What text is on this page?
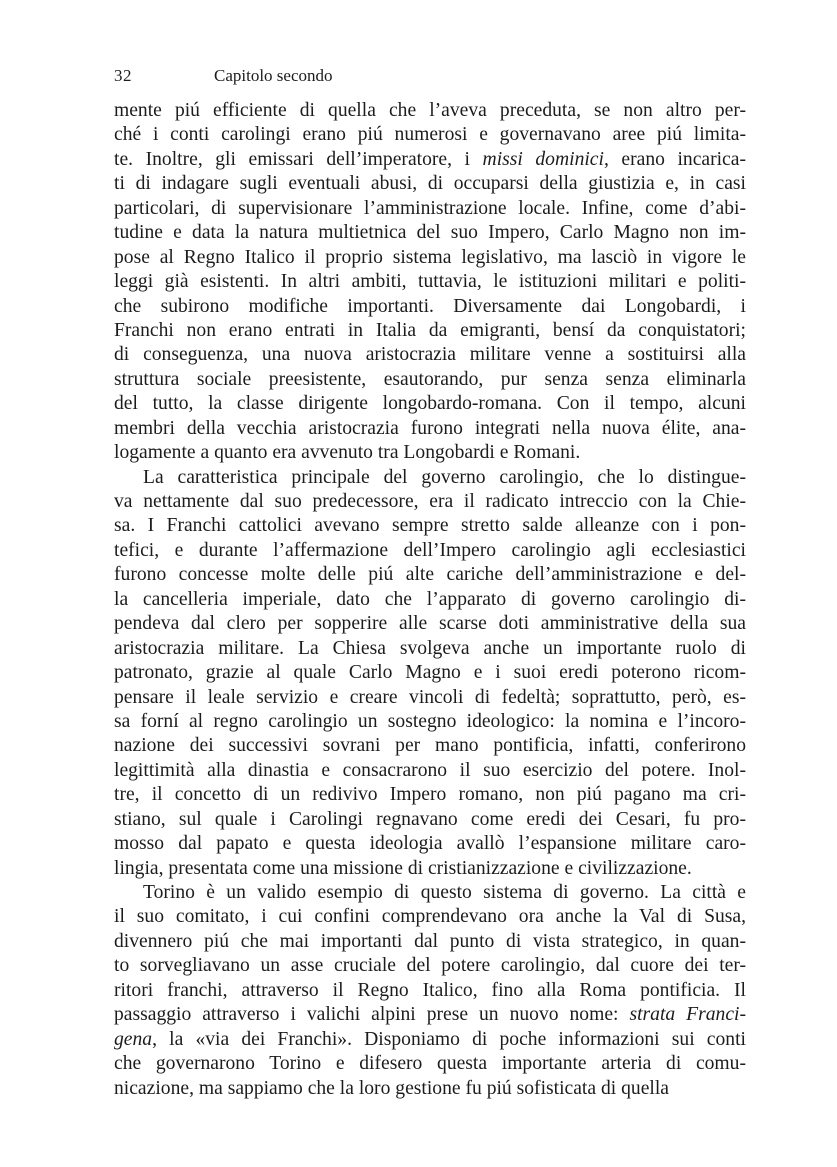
32	Capitolo secondo
mente piú efficiente di quella che l’aveva preceduta, se non altro per-
ché i conti carolingi erano piú numerosi e governavano aree piú limita-
te. Inoltre, gli emissari dell’imperatore, i missi dominici, erano incarica-
ti di indagare sugli eventuali abusi, di occuparsi della giustizia e, in casi
particolari, di supervisionare l’amministrazione locale. Infine, come d’abi-
tudine e data la natura multietnica del suo Impero, Carlo Magno non im-
pose al Regno Italico il proprio sistema legislativo, ma lasciò in vigore le
leggi già esistenti. In altri ambiti, tuttavia, le istituzioni militari e politi-
che subirono modifiche importanti. Diversamente dai Longobardi, i
Franchi non erano entrati in Italia da emigranti, bensí da conquistatori;
di conseguenza, una nuova aristocrazia militare venne a sostituirsi alla
struttura sociale preesistente, esautorando, pur senza senza eliminarla
del tutto, la classe dirigente longobardo-romana. Con il tempo, alcuni
membri della vecchia aristocrazia furono integrati nella nuova élite, ana-
logamente a quanto era avvenuto tra Longobardi e Romani.
La caratteristica principale del governo carolingio, che lo distingue-
va nettamente dal suo predecessore, era il radicato intreccio con la Chie-
sa. I Franchi cattolici avevano sempre stretto salde alleanze con i pon-
tefici, e durante l’affermazione dell’Impero carolingio agli ecclesiastici
furono concesse molte delle piú alte cariche dell’amministrazione e del-
la cancelleria imperiale, dato che l’apparato di governo carolingio di-
pendeva dal clero per sopperire alle scarse doti amministrative della sua
aristocrazia militare. La Chiesa svolgeva anche un importante ruolo di
patronato, grazie al quale Carlo Magno e i suoi eredi poterono ricom-
pensare il leale servizio e creare vincoli di fedeltà; soprattutto, però, es-
sa forní al regno carolingio un sostegno ideologico: la nomina e l’incoro-
nazione dei successivi sovrani per mano pontificia, infatti, conferirono
legittimità alla dinastia e consacrarono il suo esercizio del potere. Inol-
tre, il concetto di un redivivo Impero romano, non piú pagano ma cri-
stiano, sul quale i Carolingi regnavano come eredi dei Cesari, fu pro-
mosso dal papato e questa ideologia avallò l’espansione militare caro-
lingia, presentata come una missione di cristianizzazione e civilizzazione.
Torino è un valido esempio di questo sistema di governo. La città e
il suo comitato, i cui confini comprendevano ora anche la Val di Susa,
divennero piú che mai importanti dal punto di vista strategico, in quan-
to sorvegliavano un asse cruciale del potere carolingio, dal cuore dei ter-
ritori franchi, attraverso il Regno Italico, fino alla Roma pontificia. Il
passaggio attraverso i valichi alpini prese un nuovo nome: strata Franci-
gena, la «via dei Franchi». Disponiamo di poche informazioni sui conti
che governarono Torino e difesero questa importante arteria di comu-
nicazione, ma sappiamo che la loro gestione fu piú sofisticata di quella
